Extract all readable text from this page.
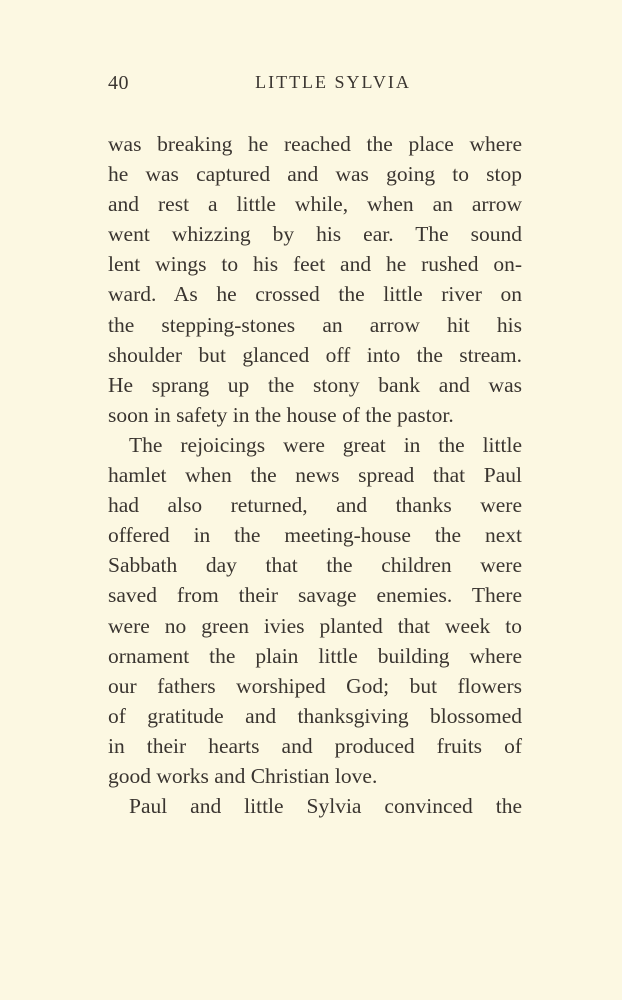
40	LITTLE SYLVIA
was breaking he reached the place where
he was captured and was going to stop
and rest a little while, when an arrow
went whizzing by his ear. The sound
lent wings to his feet and he rushed on-
ward. As he crossed the little river on
the stepping-stones an arrow hit his
shoulder but glanced off into the stream.
He sprang up the stony bank and was
soon in safety in the house of the pastor.
The rejoicings were great in the little
hamlet when the news spread that Paul
had also returned, and thanks were
offered in the meeting-house the next
Sabbath day that the children were
saved from their savage enemies. There
were no green ivies planted that week to
ornament the plain little building where
our fathers worshiped God; but flowers
of gratitude and thanksgiving blossomed
in their hearts and produced fruits of
good works and Christian love.
Paul and little Sylvia convinced the
